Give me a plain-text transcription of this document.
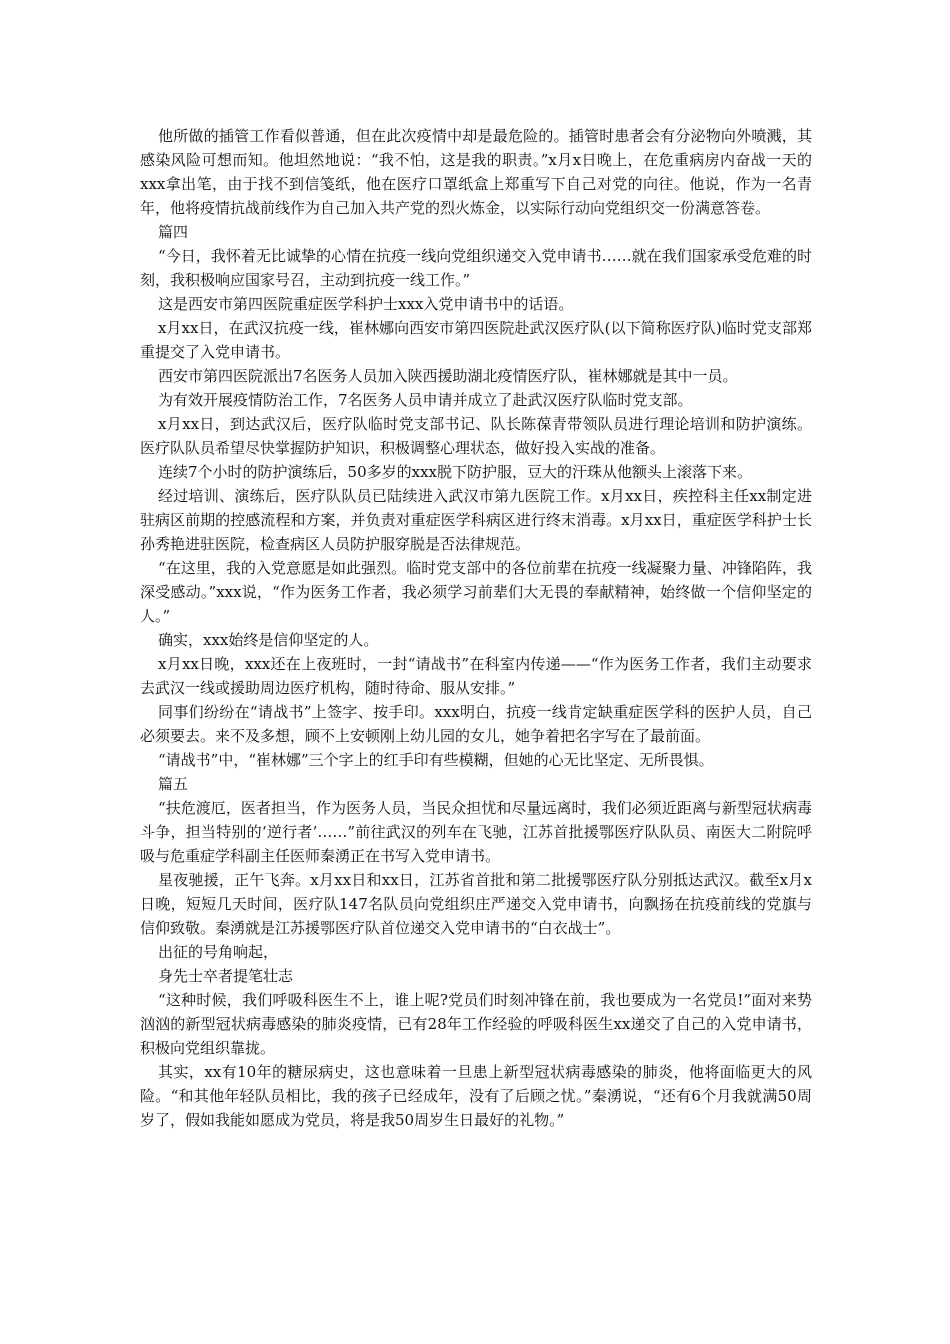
他所做的插管工作看似普通，但在此次疫情中却是最危险的。插管时患者会有分泌物向外喷溅，其感染风险可想而知。他坦然地说：“我不怕，这是我的职责。”x月x日晚上，在危重病房内奋战一天的xxx拿出笔，由于找不到信笺纸，他在医疗口罩纸盒上郑重写下自己对党的向往。他说，作为一名青年，他将疫情抗战前线作为自己加入共产党的烈火炼金，以实际行动向党组织交一份满意答卷。

篇四

“今日，我怀着无比诚挚的心情在抗疫一线向党组织递交入党申请书……就在我们国家承受危难的时刻，我积极响应国家号召，主动到抗疫一线工作。”

这是西安市第四医院重症医学科护士xxx入党申请书中的话语。

x月xx日，在武汉抗疫一线，崔林娜向西安市第四医院赴武汉医疗队(以下简称医疗队)临时党支部郑重提交了入党申请书。

西安市第四医院派出7名医务人员加入陕西援助湖北疫情医疗队，崔林娜就是其中一员。

为有效开展疫情防治工作，7名医务人员申请并成立了赴武汉医疗队临时党支部。

x月xx日，到达武汉后，医疗队临时党支部书记、队长陈葆青带领队员进行理论培训和防护演练。医疗队队员希望尽快掌握防护知识，积极调整心理状态，做好投入实战的准备。

连续7个小时的防护演练后，50多岁的xxx脱下防护服，豆大的汗珠从他额头上滚落下来。

经过培训、演练后，医疗队队员已陆续进入武汉市第九医院工作。x月xx日，疾控科主任xx制定进驻病区前期的控感流程和方案，并负责对重症医学科病区进行终末消毒。x月xx日，重症医学科护士长孙秀艳进驻医院，检查病区人员防护服穿脱是否法律规范。

“在这里，我的入党意愿是如此强烈。临时党支部中的各位前辈在抗疫一线凝聚力量、冲锋陷阵，我深受感动。”xxx说，“作为医务工作者，我必须学习前辈们大无畏的奉献精神，始终做一个信仰坚定的人。”

确实，xxx始终是信仰坚定的人。

x月xx日晚，xxx还在上夜班时，一封“请战书”在科室内传递——“作为医务工作者，我们主动要求去武汉一线或援助周边医疗机构，随时待命、服从安排。”

同事们纷纷在“请战书”上签字、按手印。xxx明白，抗疫一线肯定缺重症医学科的医护人员，自己必须要去。来不及多想，顾不上安顿刚上幼儿园的女儿，她争着把名字写在了最前面。

“请战书”中，“崔林娜”三个字上的红手印有些模糊，但她的心无比坚定、无所畏惧。

篇五

“扶危渡厄，医者担当，作为医务人员，当民众担忧和尽量远离时，我们必须近距离与新型冠状病毒斗争，担当特别的‘逆行者’……”前往武汉的列车在飞驰，江苏首批援鄂医疗队队员、南医大二附院呼吸与危重症学科副主任医师秦湧正在书写入党申请书。

星夜驰援，正午飞奔。x月xx日和xx日，江苏省首批和第二批援鄂医疗队分别抵达武汉。截至x月x日晚，短短几天时间，医疗队147名队员向党组织庄严递交入党申请书，向飘扬在抗疫前线的党旗与信仰致敬。秦湧就是江苏援鄂医疗队首位递交入党申请书的“白衣战士”。

出征的号角响起，

身先士卒者提笔壮志

“这种时候，我们呼吸科医生不上，谁上呢?党员们时刻冲锋在前，我也要成为一名党员!”面对来势汹汹的新型冠状病毒感染的肺炎疫情，已有28年工作经验的呼吸科医生xx递交了自己的入党申请书，积极向党组织靠拢。

其实，xx有10年的糖尿病史，这也意味着一旦患上新型冠状病毒感染的肺炎，他将面临更大的风险。“和其他年轻队员相比，我的孩子已经成年，没有了后顾之忧。”秦湧说，“还有6个月我就满50周岁了，假如我能如愿成为党员，将是我50周岁生日最好的礼物。”
